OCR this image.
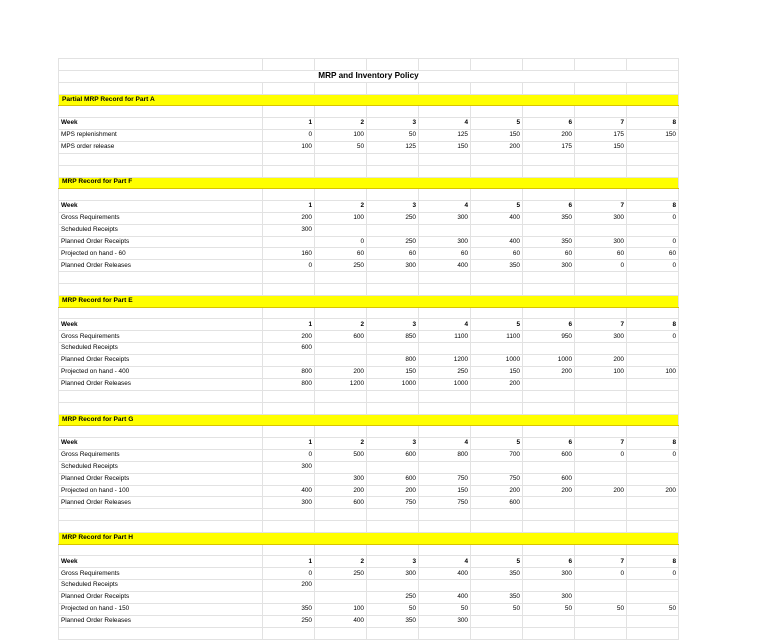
MRP and Inventory Policy								

Partial MRP Record for Part A								

Week	1	2	3	4	5	6	7	8
MPS replenishment	0	100	50	125	150	200	175	150
MPS order release	100	50	125	150	200	175	150	

MRP Record for Part F								

Week	1	2	3	4	5	6	7	8
Gross Requirements	200	100	250	300	400	350	300	0
Scheduled Receipts	300							
Planned Order Receipts		0	250	300	400	350	300	0
Projected on hand - 60	160	60	60	60	60	60	60	60
Planned Order Releases	0	250	300	400	350	300	0	0

MRP Record for Part E								

Week	1	2	3	4	5	6	7	8
Gross Requirements	200	600	850	1100	1100	950	300	0
Scheduled Receipts	600							
Planned Order Receipts			800	1200	1000	1000	200	
Projected on hand - 400	800	200	150	250	150	200	100	100
Planned Order Releases	800	1200	1000	1000	200			

MRP Record for Part G								

Week	1	2	3	4	5	6	7	8
Gross Requirements	0	500	600	800	700	600	0	0
Scheduled Receipts	300							
Planned Order Receipts		300	600	750	750	600		
Projected on hand - 100	400	200	200	150	200	200	200	200
Planned Order Releases	300	600	750	750	600			

MRP Record for Part H								

Week	1	2	3	4	5	6	7	8
Gross Requirements	0	250	300	400	350	300	0	0
Scheduled Receipts	200							
Planned Order Receipts			250	400	350	300		
Projected on hand - 150	350	100	50	50	50	50	50	50
Planned Order Releases	250	400	350	300				
